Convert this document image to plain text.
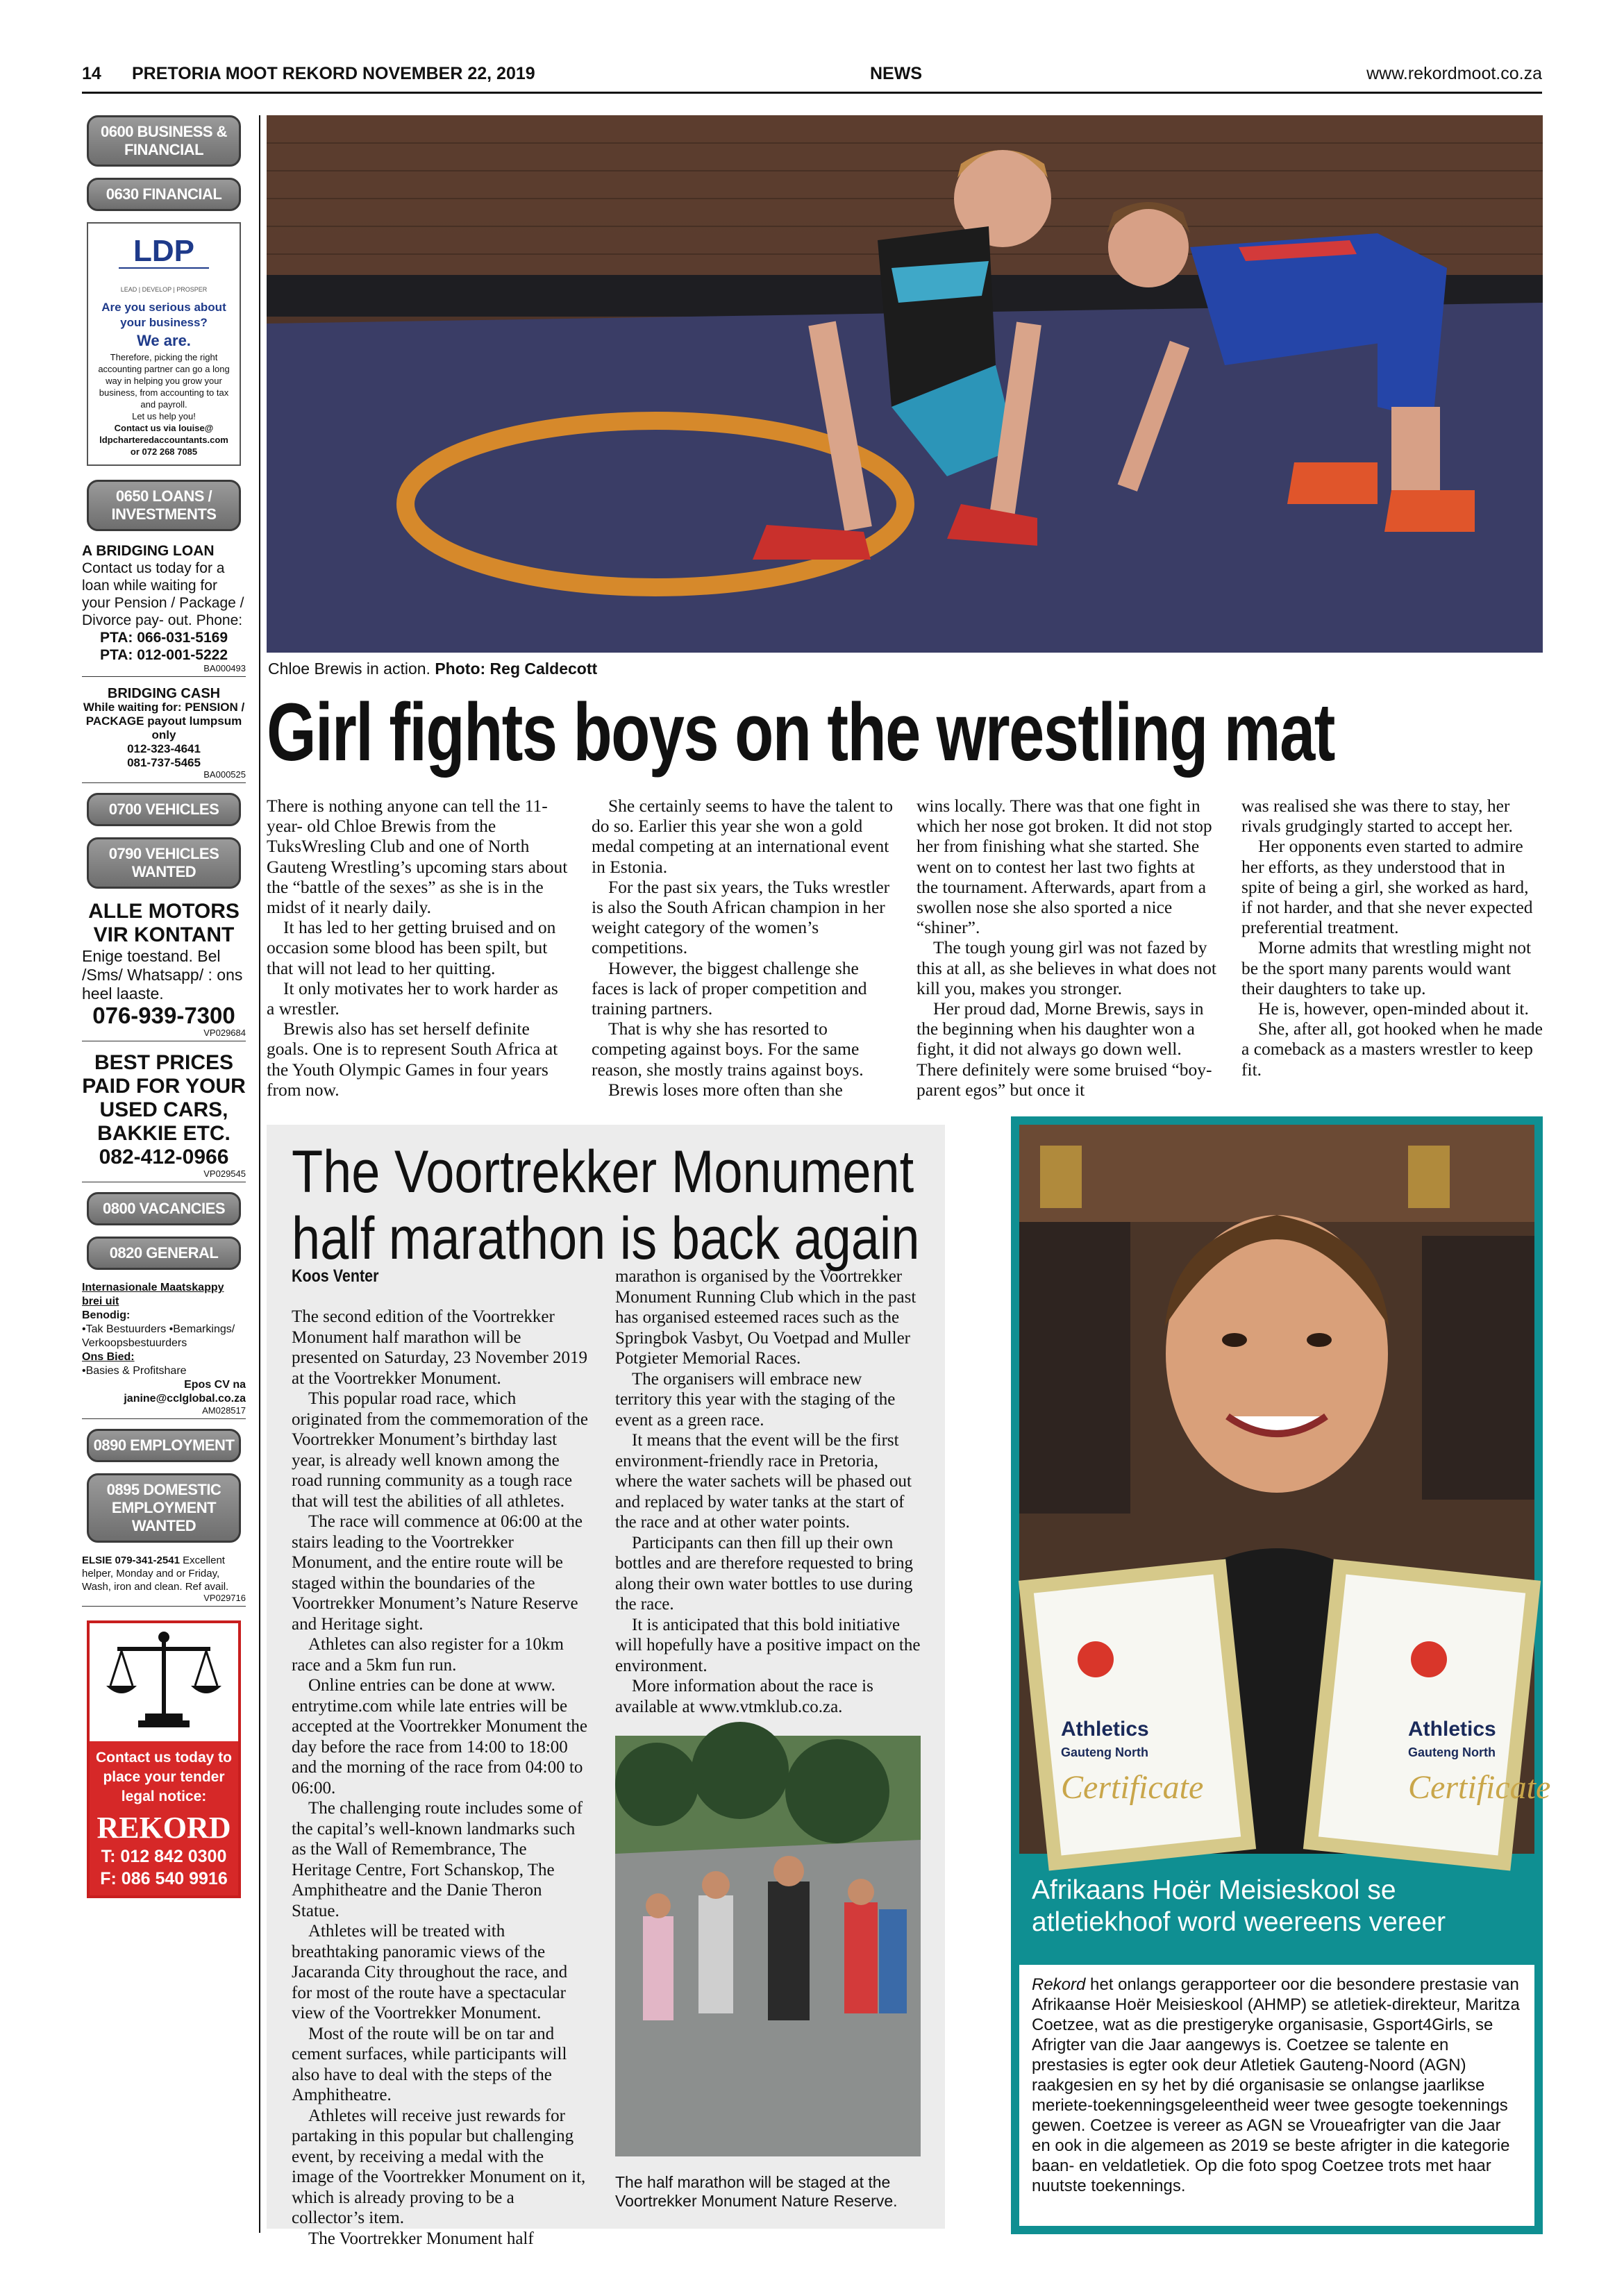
14 PRETORIA MOOT REKORD NOVEMBER 22, 2019	NEWS	www.rekordmoot.co.za
0600 BUSINESS & FINANCIAL
0630 FINANCIAL
LDP
LEAD | DEVELOP | PROSPER
Are you serious about your business?
We are.
Therefore, picking the right accounting partner can go a long way in helping you grow your business, from accounting to tax and payroll.
Let us help you!
Contact us via louise@ ldpcharteredaccountants.com or 072 268 7085
0650 LOANS / INVESTMENTS
A BRIDGING LOAN
Contact us today for a loan while waiting for your Pension / Package / Divorce pay- out. Phone:
PTA: 066-031-5169
PTA: 012-001-5222
BA000493
BRIDGING CASH
While waiting for: PENSION / PACKAGE payout lumpsum only
012-323-4641
081-737-5465
BA000525
0700 VEHICLES
0790 VEHICLES WANTED
ALLE MOTORS VIR KONTANT
Enige toestand. Bel /Sms/ Whatsapp/ : ons heel laaste.
076-939-7300
VP029684
BEST PRICES PAID FOR YOUR USED CARS, BAKKIE ETC.
082-412-0966
VP029545
0800 VACANCIES
0820 GENERAL
Internasionale Maatskappy brei uit
Benodig:
•Tak Bestuurders •Bemarkings/ Verkoopsbestuurders
Ons Bied:
•Basies & Profitshare
Epos CV na janine@cclglobal.co.za
AM028517
0890 EMPLOYMENT
0895 DOMESTIC EMPLOYMENT WANTED
ELSIE 079-341-2541 Excellent helper, Monday and or Friday, Wash, iron and clean. Ref avail.
VP029716
Contact us today to place your tender legal notice:
REKORD
T: 012 842 0300
F: 086 540 9916
Chloe Brewis in action. Photo: Reg Caldecott
Girl fights boys on the wrestling mat

There is nothing anyone can tell the 11-year- old Chloe Brewis from the TuksWresling Club and one of North Gauteng Wrestling’s upcoming stars about the “battle of the sexes” as she is in the midst of it nearly daily.

It has led to her getting bruised and on occasion some blood has been spilt, but that will not lead to her quitting.

It only motivates her to work harder as a wrestler.

Brewis also has set herself definite goals. One is to represent South Africa at the Youth Olympic Games in four years from now.

She certainly seems to have the talent to do so. Earlier this year she won a gold medal competing at an international event in Estonia.

For the past six years, the Tuks wrestler is also the South African champion in her weight category of the women’s competitions.

However, the biggest challenge she faces is lack of proper competition and training partners.

That is why she has resorted to competing against boys. For the same reason, she mostly trains against boys.

Brewis loses more often than she

wins locally. There was that one fight in which her nose got broken. It did not stop her from finishing what she started. She went on to contest her last two fights at the tournament. Afterwards, apart from a swollen nose she also sported a nice “shiner”.

The tough young girl was not fazed by this at all, as she believes in what does not kill you, makes you stronger.

Her proud dad, Morne Brewis, says in the beginning when his daughter won a fight, it did not always go down well. There definitely were some bruised “boy-parent egos” but once it

was realised she was there to stay, her rivals grudgingly started to accept her.

Her opponents even started to admire her efforts, as they understood that in spite of being a girl, she worked as hard, if not harder, and that she never expected preferential treatment.

Morne admits that wrestling might not be the sport many parents would want their daughters to take up.

He is, however, open-minded about it.

She, after all, got hooked when he made a comeback as a masters wrestler to keep fit.

The Voortrekker Monument
half marathon is back again
Koos Venter

The second edition of the Voortrekker Monument half marathon will be presented on Saturday, 23 November 2019 at the Voortrekker Monument.

This popular road race, which originated from the commemoration of the Voortrekker Monument’s birthday last year, is already well known among the road running community as a tough race that will test the abilities of all athletes.

The race will commence at 06:00 at the stairs leading to the Voortrekker Monument, and the entire route will be staged within the boundaries of the Voortrekker Monument’s Nature Reserve and Heritage sight.

Athletes can also register for a 10km race and a 5km fun run.

Online entries can be done at www. entrytime.com while late entries will be accepted at the Voortrekker Monument the day before the race from 14:00 to 18:00 and the morning of the race from 04:00 to 06:00.

The challenging route includes some of the capital’s well-known landmarks such as the Wall of Remembrance, The Heritage Centre, Fort Schanskop, The Amphitheatre and the Danie Theron Statue.

Athletes will be treated with breathtaking panoramic views of the Jacaranda City throughout the race, and for most of the route have a spectacular view of the Voortrekker Monument.

Most of the route will be on tar and cement surfaces, while participants will also have to deal with the steps of the Amphitheatre.

Athletes will receive just rewards for partaking in this popular but challenging event, by receiving a medal with the image of the Voortrekker Monument on it, which is already proving to be a collector’s item.

The Voortrekker Monument half

marathon is organised by the Voortrekker Monument Running Club which in the past has organised esteemed races such as the Springbok Vasbyt, Ou Voetpad and Muller Potgieter Memorial Races.

The organisers will embrace new territory this year with the staging of the event as a green race.

It means that the event will be the first environment-friendly race in Pretoria, where the water sachets will be phased out and replaced by water tanks at the start of the race and at other water points.

Participants can then fill up their own bottles and are therefore requested to bring along their own water bottles to use during the race.

It is anticipated that this bold initiative will hopefully have a positive impact on the environment.

More information about the race is available at www.vtmklub.co.za.

The half marathon will be staged at the Voortrekker Monument Nature Reserve.
Athletics
Gauteng North
Certificate
Athletics
Gauteng North
Certificate
Afrikaans Hoër Meisieskool se atletiekhoof word weereens vereer
Rekord het onlangs gerapporteer oor die besondere prestasie van Afrikaanse Hoër Meisieskool (AHMP) se atletiek-direkteur, Maritza Coetzee, wat as die prestigeryke organisasie, Gsport4Girls, se Afrigter van die Jaar aangewys is. Coetzee se talente en prestasies is egter ook deur Atletiek Gauteng-Noord (AGN) raakgesien en sy het by dié organisasie se onlangse jaarlikse meriete-toekenningsgeleentheid weer twee gesogte toekennings gewen. Coetzee is vereer as AGN se Vroueafrigter van die Jaar en ook in die algemeen as 2019 se beste afrigter in die kategorie baan- en veldatletiek. Op die foto spog Coetzee trots met haar nuutste toekennings.
